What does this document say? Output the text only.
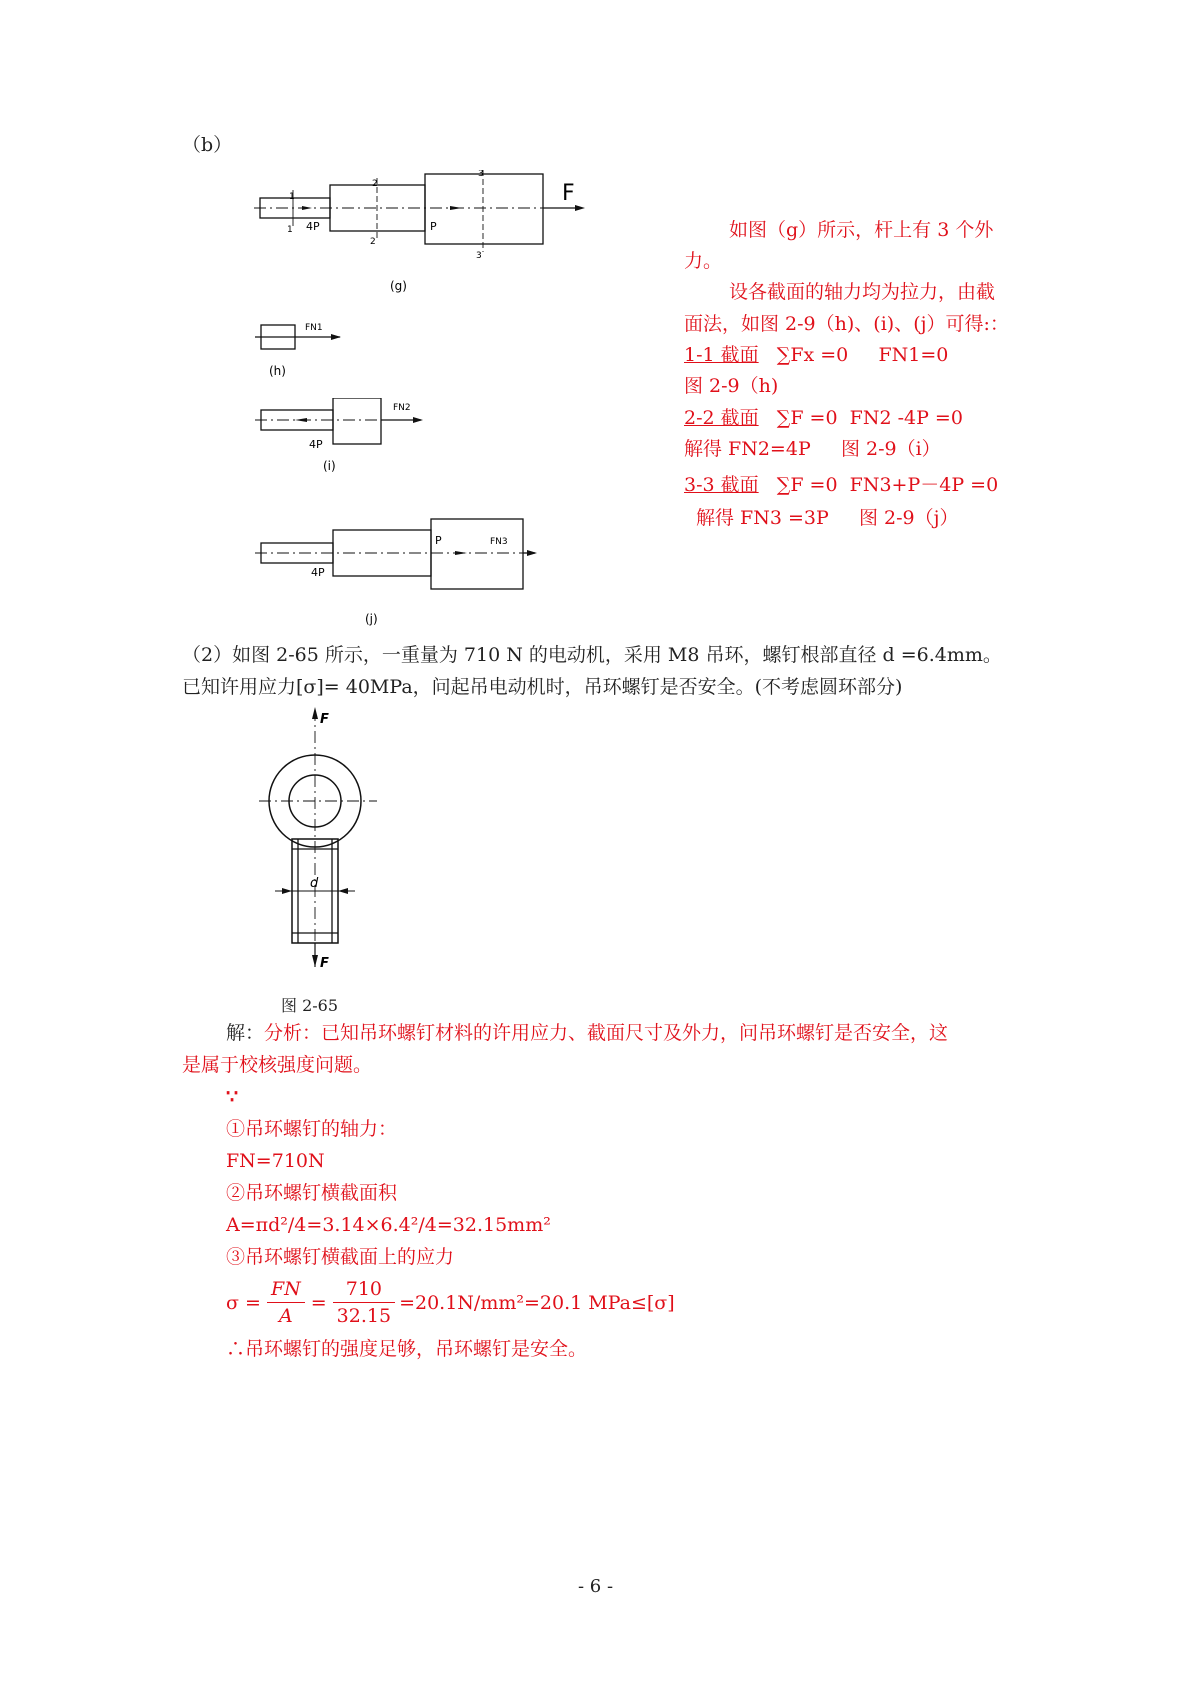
（b）
1
1
2
2
3
3
4P	P
F
(g)
FN1
(h)
FN2
4P
(i)
FN3
P
4P
(j)
如图（g）所示，杆上有 3 个外
力。
设各截面的轴力均为拉力，由截
面法，如图 2-9（h)、(i)、(j）可得:：
1-1 截面 ∑Fx =0 FN1=0
图 2-9（h)
2-2 截面 ∑F =0 FN2 -4P =0
解得 FN2=4P 图 2-9（i）
3-3 截面 ∑F =0 FN3+P－4P =0
解得 FN3 =3P 图 2-9（j）
（2）如图 2-65 所示，一重量为 710 N 的电动机，采用 M8 吊环，螺钉根部直径 d =6.4mm。
已知许用应力[σ]= 40MPa，问起吊电动机时，吊环螺钉是否安全。(不考虑圆环部分)
F
F
d
图 2-65
解：分析：已知吊环螺钉材料的许用应力、截面尺寸及外力，问吊环螺钉是否安全，这
是属于校核强度问题。
∵
①吊环螺钉的轴力：
FN=710N
②吊环螺钉横截面积
A=πd²/4=3.14×6.4²/4=32.15mm²
③吊环螺钉横截面上的应力
$\sigma = \frac{FN}{A} = \frac{710}{32.15} =20.1N/mm^2=20.1$ MPa≤[σ]
∴吊环螺钉的强度足够，吊环螺钉是安全。
- 6 -
